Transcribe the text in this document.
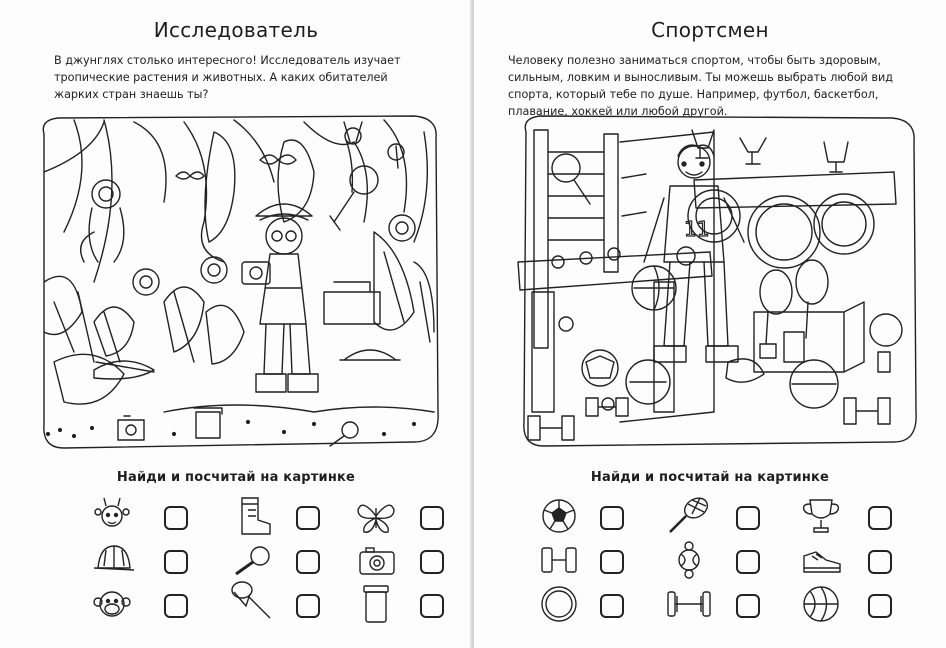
Исследователь
В джунглях столько интересного! Исследователь изучает тропические растения и животных. А каких обитателей жарких стран знаешь ты?
Найди и посчитай на картинке
Спортсмен
Человеку полезно заниматься спортом, чтобы быть здоровым, сильным, ловким и выносливым. Ты можешь выбрать любой вид спорта, который тебе по душе. Например, футбол, баскетбол, плавание, хоккей или любой другой.
11
Найди и посчитай на картинке
